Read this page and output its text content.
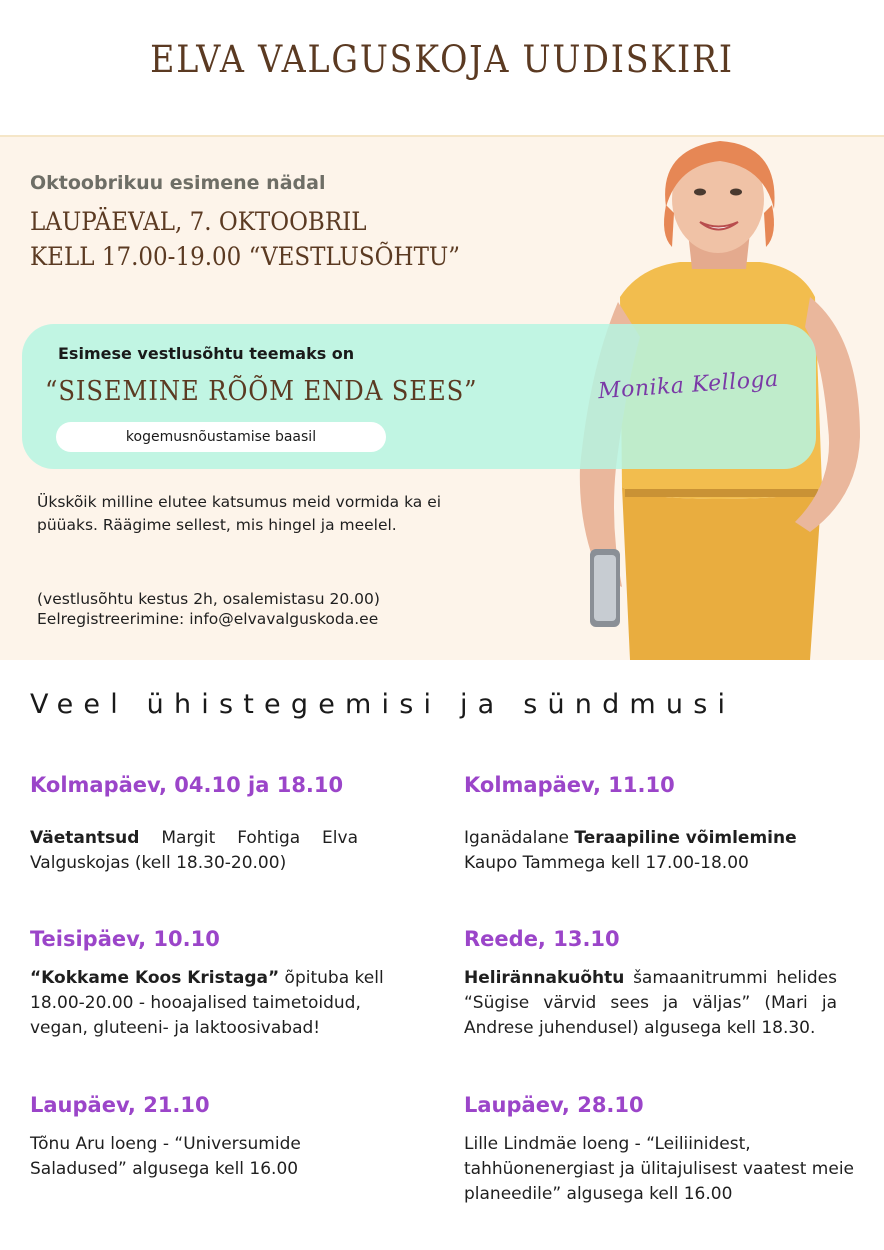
ELVA VALGUSKOJA UUDISKIRI
Oktoobrikuu esimene nädal
LAUPÄEVAL, 7. OKTOOBRIL
KELL 17.00-19.00 “VESTLUSÕHTU”
Esimese vestlusõhtu teemaks on
“SISEMINE RÕÕM ENDA SEES”
kogemusnõustamise baasil
Monika Kelloga
Ükskõik milline elutee katsumus meid vormida ka ei püüaks. Räägime sellest, mis hingel ja meelel.
(vestlusõhtu kestus 2h, osalemistasu 20.00)
Eelregistreerimine: info@elvavalguskoda.ee
Veel ühistegemisi ja sündmusi

Kolmapäev, 04.10 ja 18.10

Väetantsud Margit Fohtiga Elva Valguskojas (kell 18.30-20.00)

Kolmapäev, 11.10

Iganädalane Teraapiline võimlemine Kaupo Tammega kell 17.00-18.00

Teisipäev, 10.10

“Kokkame Koos Kristaga” õpituba kell 18.00-20.00 - hooajalised taimetoidud, vegan, gluteeni- ja laktoosivabad!

Reede, 13.10

Helirännakuõhtu šamaanitrummi helides “Sügise värvid sees ja väljas” (Mari ja Andrese juhendusel) algusega kell 18.30.

Laupäev, 21.10

Tõnu Aru loeng - “Universumide Saladused” algusega kell 16.00

Laupäev, 28.10

Lille Lindmäe loeng - “Leiliinidest, tahhüonenergiast ja ülitajulisest vaatest meie planeedile” algusega kell 16.00
